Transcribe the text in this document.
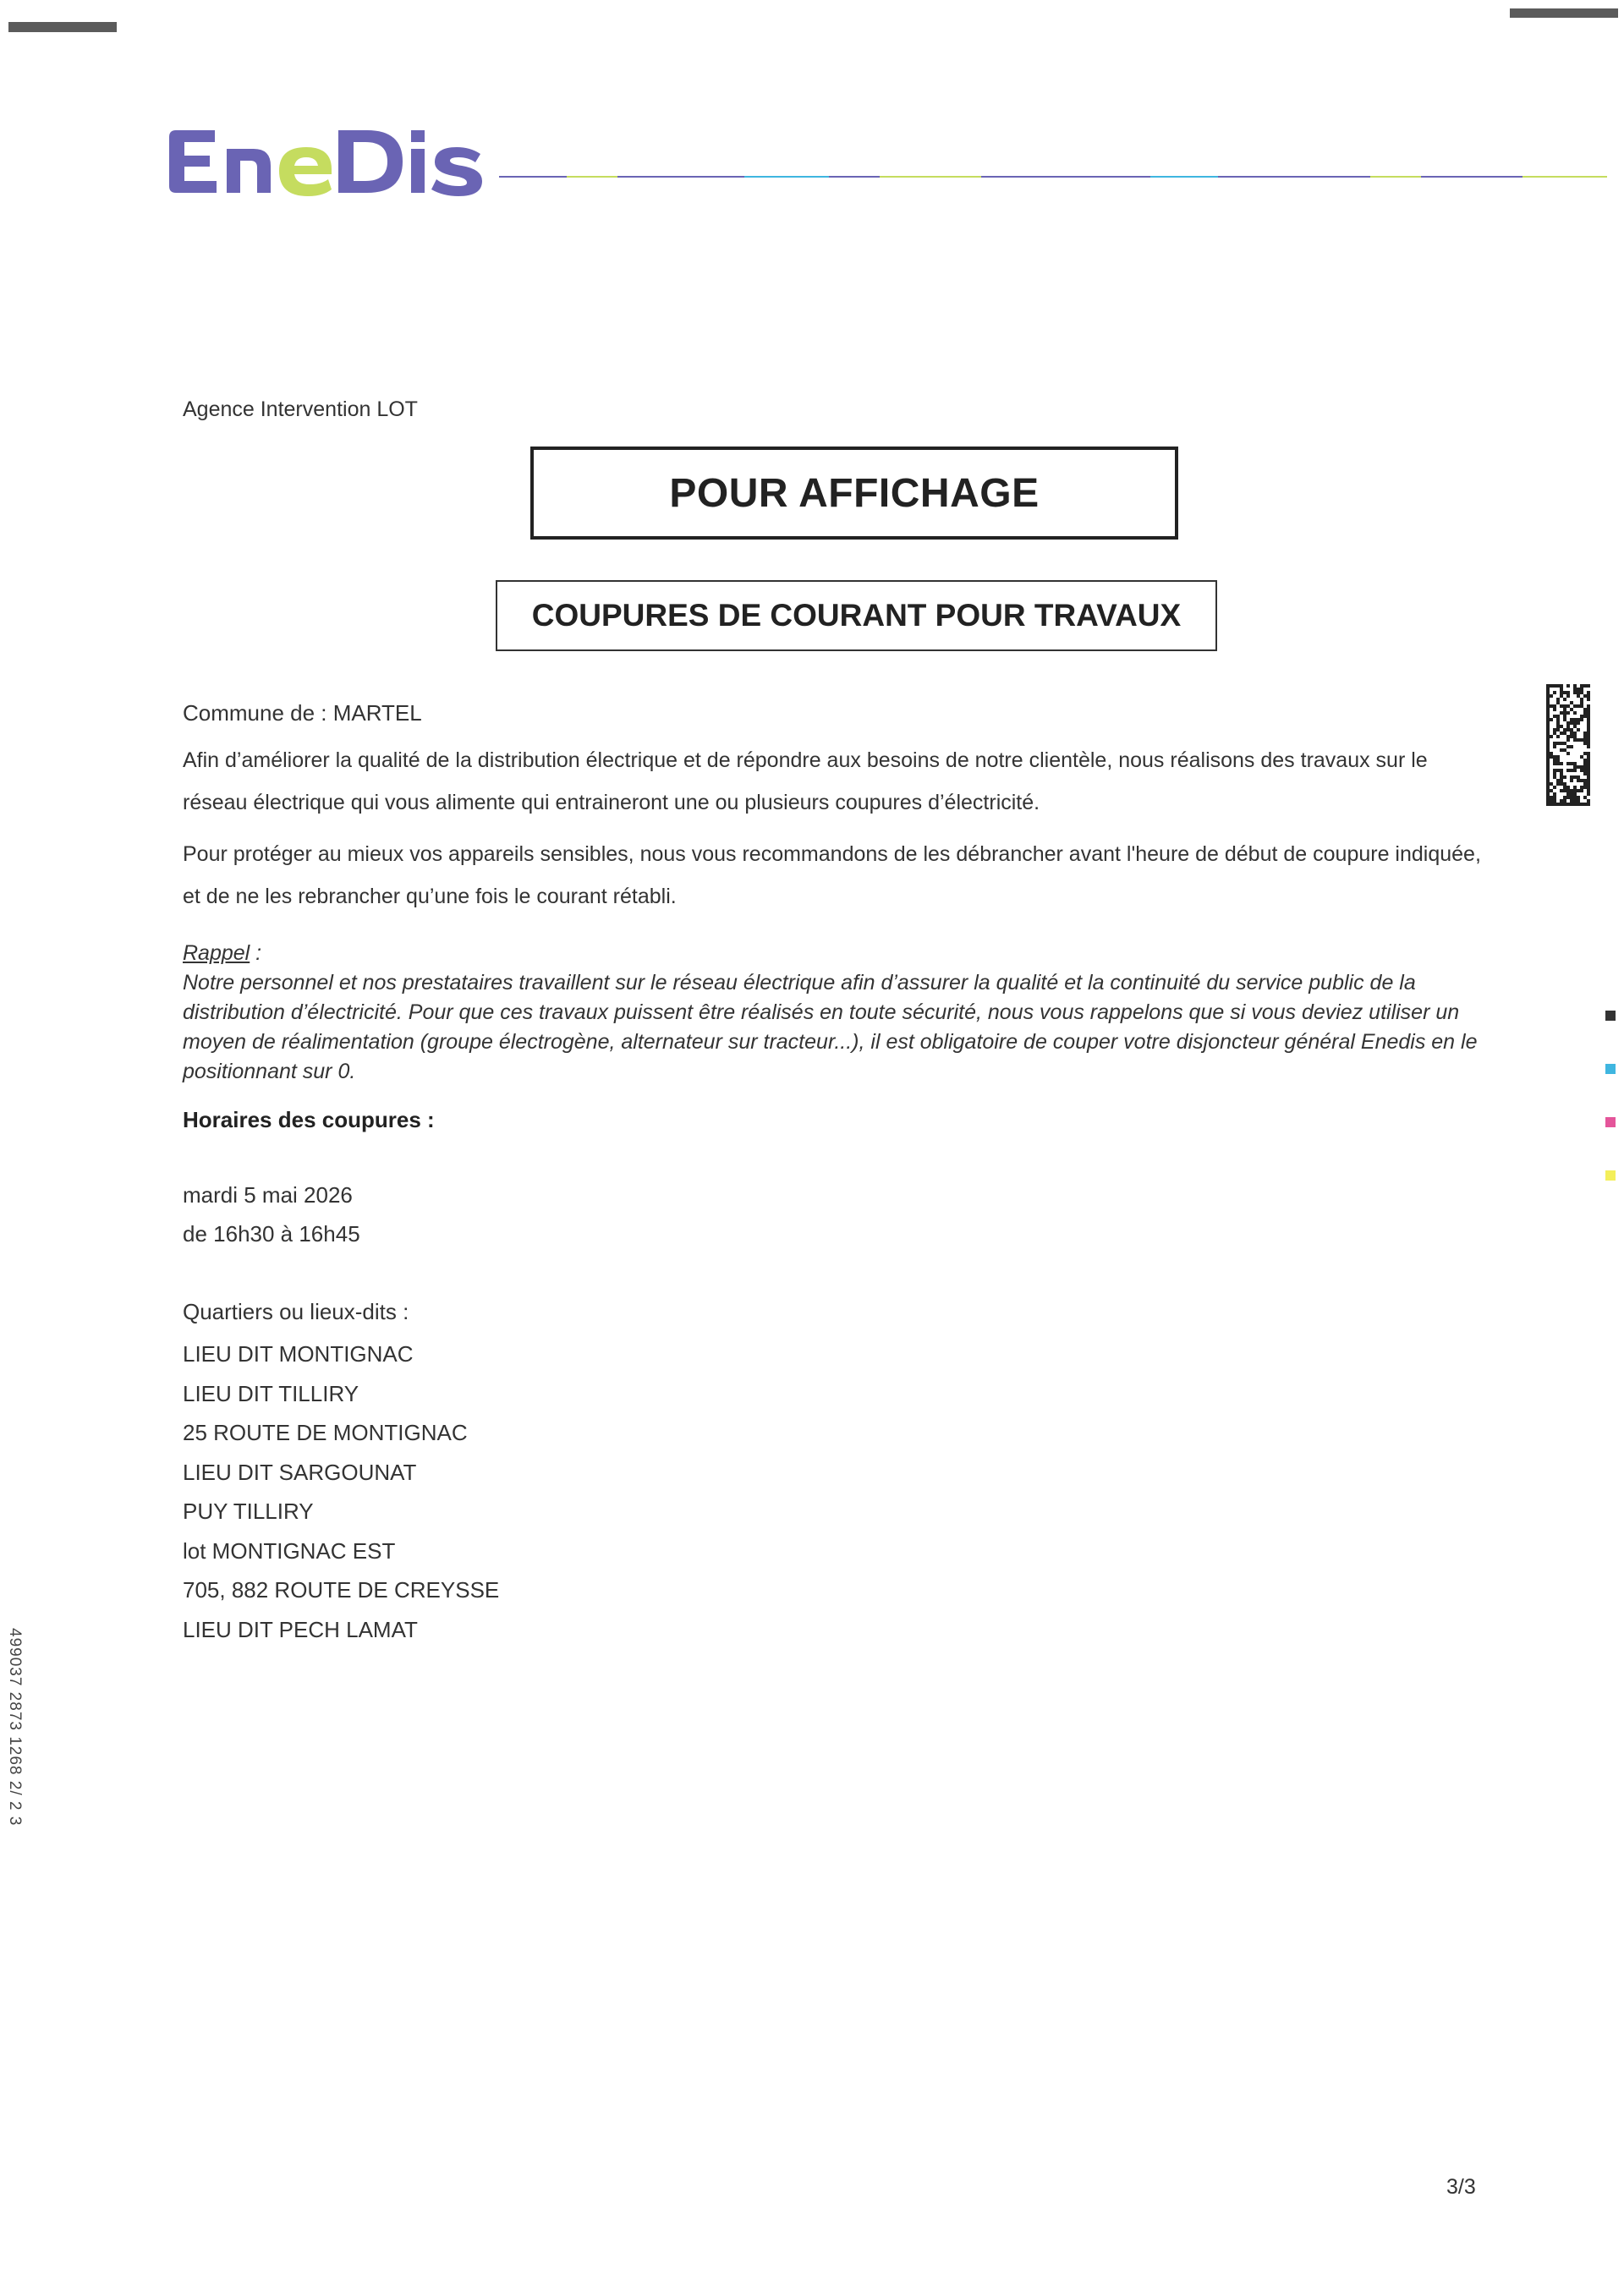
Agence Intervention LOT
POUR AFFICHAGE
COUPURES DE COURANT POUR TRAVAUX
Commune de : MARTEL
Afin d’améliorer la qualité de la distribution électrique et de répondre aux besoins de notre clientèle, nous réalisons des travaux sur le réseau électrique qui vous alimente qui entraineront une ou plusieurs coupures d’électricité.
Pour protéger au mieux vos appareils sensibles, nous vous recommandons de les débrancher avant l'heure de début de coupure indiquée, et de ne les rebrancher qu’une fois le courant rétabli.
Rappel :
Notre personnel et nos prestataires travaillent sur le réseau électrique afin d’assurer la qualité et la continuité du service public de la distribution d’électricité. Pour que ces travaux puissent être réalisés en toute sécurité, nous vous rappelons que si vous deviez utiliser un moyen de réalimentation (groupe électrogène, alternateur sur tracteur...), il est obligatoire de couper votre disjoncteur général Enedis en le positionnant sur 0.
Horaires des coupures :
mardi 5 mai 2026
de 16h30 à 16h45
Quartiers ou lieux-dits :
LIEU DIT MONTIGNAC
LIEU DIT TILLIRY
25 ROUTE DE MONTIGNAC
LIEU DIT SARGOUNAT
PUY TILLIRY
lot MONTIGNAC EST
705, 882 ROUTE DE CREYSSE
LIEU DIT PECH LAMAT
499037 2873 1268 2/ 2 3
3/3
